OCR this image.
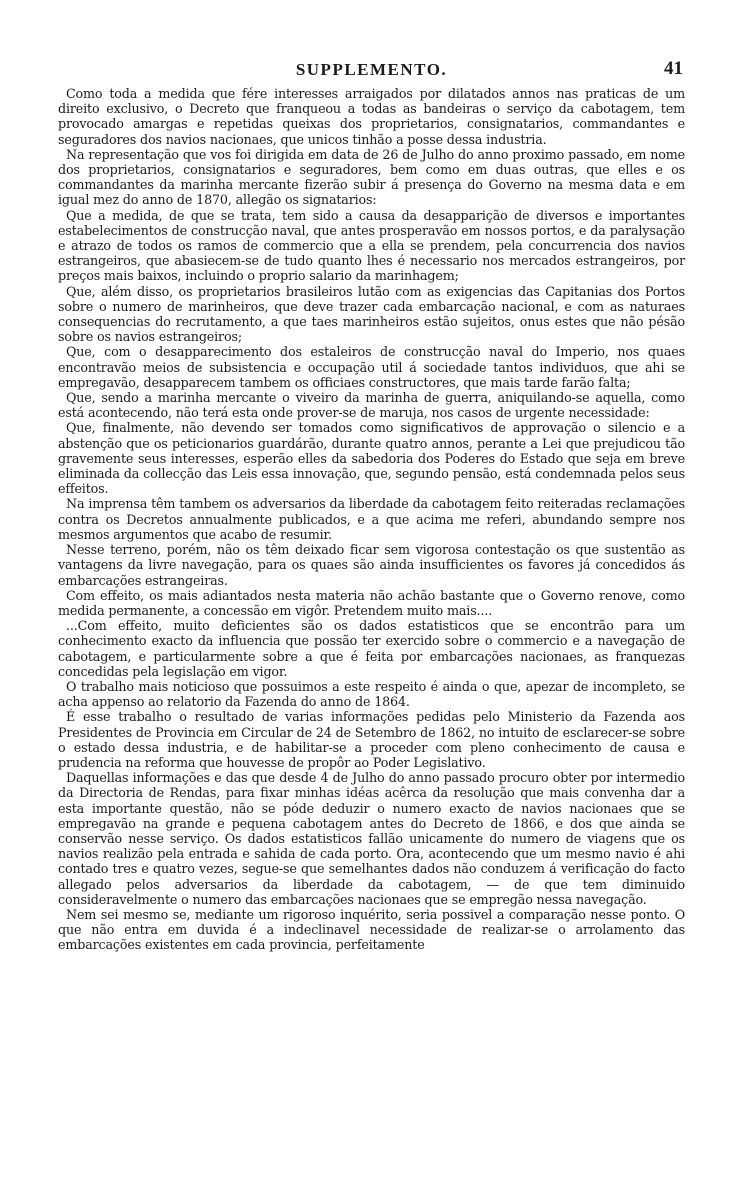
SUPPLEMENTO.	41

Como toda a medida que fére interesses arraigados por dilatados annos nas praticas de um direito exclusivo, o Decreto que franqueou a todas as bandeiras o serviço da cabotagem, tem provocado amargas e repetidas queixas dos proprietarios, consignatarios, commandantes e seguradores dos navios nacionaes, que unicos tinhão a posse dessa industria.

Na representação que vos foi dirigida em data de 26 de Julho do anno proximo passado, em nome dos proprietarios, consignatarios e seguradores, bem como em duas outras, que elles e os commandantes da marinha mercante fizerão subir á presença do Governo na mesma data e em igual mez do anno de 1870, allegão os signatarios:

Que a medida, de que se trata, tem sido a causa da desapparição de diversos e importantes estabelecimentos de construcção naval, que antes prosperavão em nossos portos, e da paralysação e atrazo de todos os ramos de commercio que a ella se prendem, pela concurrencia dos navios estrangeiros, que abasiecem-se de tudo quanto lhes é necessario nos mercados estrangeiros, por preços mais baixos, incluindo o proprio salario da marinhagem;

Que, além disso, os proprietarios brasileiros lutão com as exigencias das Capitanias dos Portos sobre o numero de marinheiros, que deve trazer cada embarcação nacional, e com as naturaes consequencias do recrutamento, a que taes marinheiros estão sujeitos, onus estes que não pésão sobre os navios estrangeiros;

Que, com o desapparecimento dos estaleiros de construcção naval do Imperio, nos quaes encontravão meios de subsistencia e occupação util á sociedade tantos individuos, que ahi se empregavão, desapparecem tambem os officiaes constructores, que mais tarde farão falta;

Que, sendo a marinha mercante o viveiro da marinha de guerra, aniquilando-se aquella, como está acontecendo, não terá esta onde prover-se de maruja, nos casos de urgente necessidade:

Que, finalmente, não devendo ser tomados como significativos de approvação o silencio e a abstenção que os peticionarios guardárão, durante quatro annos, perante a Lei que prejudicou tão gravemente seus interesses, esperão elles da sabedoria dos Poderes do Estado que seja em breve eliminada da collecção das Leis essa innovação, que, segundo pensão, está condemnada pelos seus effeitos.

Na imprensa têm tambem os adversarios da liberdade da cabotagem feito reiteradas reclamações contra os Decretos annualmente publicados, e a que acima me referi, abundando sempre nos mesmos argumentos que acabo de resumir.

Nesse terreno, porém, não os têm deixado ficar sem vigorosa contestação os que sustentão as vantagens da livre navegação, para os quaes são ainda insufficientes os favores já concedidos ás embarcações estrangeiras.

Com effeito, os mais adiantados nesta materia não achão bastante que o Governo renove, como medida permanente, a concessão em vigôr. Pretendem muito mais....

...Com effeito, muito deficientes são os dados estatisticos que se encontrão para um conhecimento exacto da influencia que possão ter exercido sobre o commercio e a navegação de cabotagem, e particularmente sobre a que é feita por embarcações nacionaes, as franquezas concedidas pela legislação em vigor.

O trabalho mais noticioso que possuimos a este respeito é ainda o que, apezar de incompleto, se acha appenso ao relatorio da Fazenda do anno de 1864.

É esse trabalho o resultado de varias informações pedidas pelo Ministerio da Fazenda aos Presidentes de Provincia em Circular de 24 de Setembro de 1862, no intuito de esclarecer-se sobre o estado dessa industria, e de habilitar-se a proceder com pleno conhecimento de causa e prudencia na reforma que houvesse de propôr ao Poder Legislativo.

Daquellas informações e das que desde 4 de Julho do anno passado procuro obter por intermedio da Directoria de Rendas, para fixar minhas idéas acêrca da resolução que mais convenha dar a esta importante questão, não se póde deduzir o numero exacto de navios nacionaes que se empregavão na grande e pequena cabotagem antes do Decreto de 1866, e dos que ainda se conservão nesse serviço. Os dados estatisticos fallão unicamente do numero de viagens que os navios realizão pela entrada e sahida de cada porto. Ora, acontecendo que um mesmo navio é ahi contado tres e quatro vezes, segue-se que semelhantes dados não conduzem á verificação do facto allegado pelos adversarios da liberdade da cabotagem, — de que tem diminuido consideravelmente o numero das embarcações nacionaes que se empregão nessa navegação.

Nem sei mesmo se, mediante um rigoroso inquérito, seria possivel a comparação nesse ponto. O que não entra em duvida é a indeclinavel necessidade de realizar-se o arrolamento das embarcações existentes em cada provincia, perfeitamente
